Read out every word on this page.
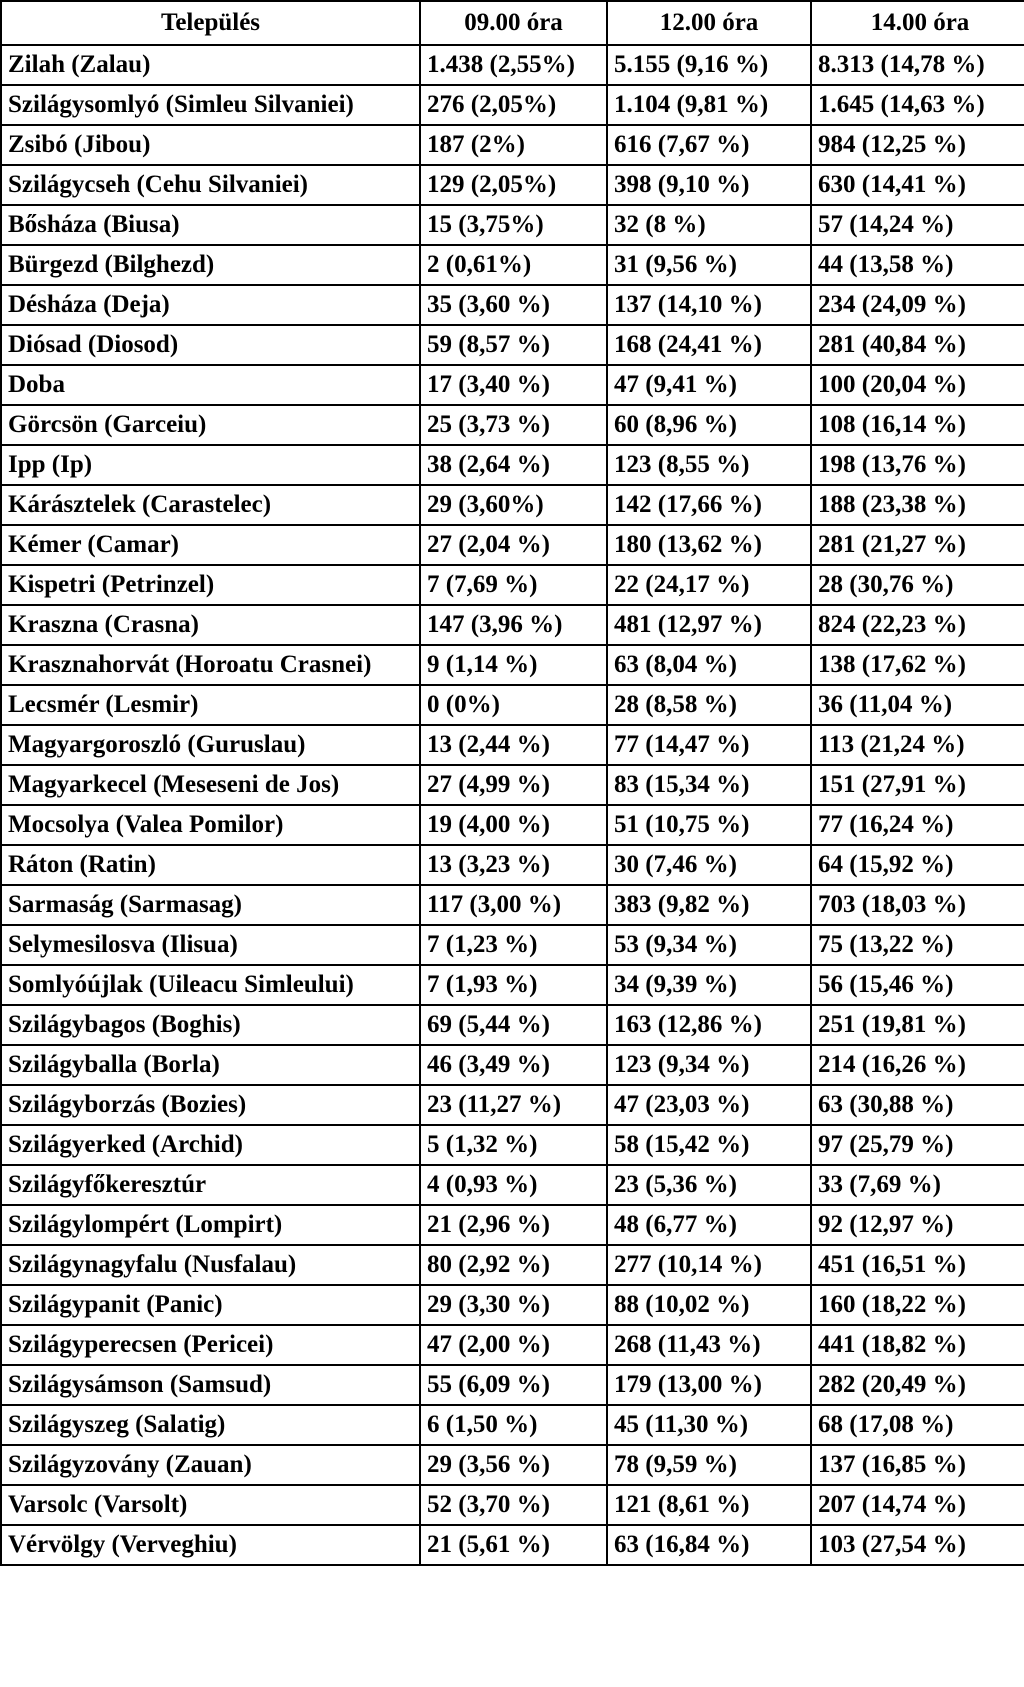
Település	09.00 óra	12.00 óra	14.00 óra
Zilah (Zalau)	1.438 (2,55%)	5.155 (9,16 %)	8.313 (14,78 %)
Szilágysomlyó (Simleu Silvaniei)	276 (2,05%)	1.104 (9,81 %)	1.645 (14,63 %)
Zsibó (Jibou)	187 (2%)	616 (7,67 %)	984 (12,25 %)
Szilágycseh (Cehu Silvaniei)	129 (2,05%)	398 (9,10 %)	630 (14,41 %)
Bősháza (Biusa)	15 (3,75%)	32 (8 %)	57 (14,24 %)
Bürgezd (Bilghezd)	2 (0,61%)	31 (9,56 %)	44 (13,58 %)
Désháza (Deja)	35 (3,60 %)	137 (14,10 %)	234 (24,09 %)
Diósad (Diosod)	59 (8,57 %)	168 (24,41 %)	281 (40,84 %)
Doba	17 (3,40 %)	47 (9,41 %)	100 (20,04 %)
Görcsön (Garceiu)	25 (3,73 %)	60 (8,96 %)	108 (16,14 %)
Ipp (Ip)	38 (2,64 %)	123 (8,55 %)	198 (13,76 %)
Kárásztelek (Carastelec)	29 (3,60%)	142 (17,66 %)	188 (23,38 %)
Kémer (Camar)	27 (2,04 %)	180 (13,62 %)	281 (21,27 %)
Kispetri (Petrinzel)	7 (7,69 %)	22 (24,17 %)	28 (30,76 %)
Kraszna (Crasna)	147 (3,96 %)	481 (12,97 %)	824 (22,23 %)
Krasznahorvát (Horoatu Crasnei)	9 (1,14 %)	63 (8,04 %)	138 (17,62 %)
Lecsmér (Lesmir)	0 (0%)	28 (8,58 %)	36 (11,04 %)
Magyargoroszló (Guruslau)	13 (2,44 %)	77 (14,47 %)	113 (21,24 %)
Magyarkecel (Meseseni de Jos)	27 (4,99 %)	83 (15,34 %)	151 (27,91 %)
Mocsolya (Valea Pomilor)	19 (4,00 %)	51 (10,75 %)	77 (16,24 %)
Ráton (Ratin)	13 (3,23 %)	30 (7,46 %)	64 (15,92 %)
Sarmaság (Sarmasag)	117 (3,00 %)	383 (9,82 %)	703 (18,03 %)
Selymesilosva (Ilisua)	7 (1,23 %)	53 (9,34 %)	75 (13,22 %)
Somlyóújlak (Uileacu Simleului)	7 (1,93 %)	34 (9,39 %)	56 (15,46 %)
Szilágybagos (Boghis)	69 (5,44 %)	163 (12,86 %)	251 (19,81 %)
Szilágyballa (Borla)	46 (3,49 %)	123 (9,34 %)	214 (16,26 %)
Szilágyborzás (Bozies)	23 (11,27 %)	47 (23,03 %)	63 (30,88 %)
Szilágyerked (Archid)	5 (1,32 %)	58 (15,42 %)	97 (25,79 %)
Szilágyfőkeresztúr	4 (0,93 %)	23 (5,36 %)	33 (7,69 %)
Szilágylompért (Lompirt)	21 (2,96 %)	48 (6,77 %)	92 (12,97 %)
Szilágynagyfalu (Nusfalau)	80 (2,92 %)	277 (10,14 %)	451 (16,51 %)
Szilágypanit (Panic)	29 (3,30 %)	88 (10,02 %)	160 (18,22 %)
Szilágyperecsen (Pericei)	47 (2,00 %)	268 (11,43 %)	441 (18,82 %)
Szilágysámson (Samsud)	55 (6,09 %)	179 (13,00 %)	282 (20,49 %)
Szilágyszeg (Salatig)	6 (1,50 %)	45 (11,30 %)	68 (17,08 %)
Szilágyzovány (Zauan)	29 (3,56 %)	78 (9,59 %)	137 (16,85 %)
Varsolc (Varsolt)	52 (3,70 %)	121 (8,61 %)	207 (14,74 %)
Vérvölgy (Verveghiu)	21 (5,61 %)	63 (16,84 %)	103 (27,54 %)
